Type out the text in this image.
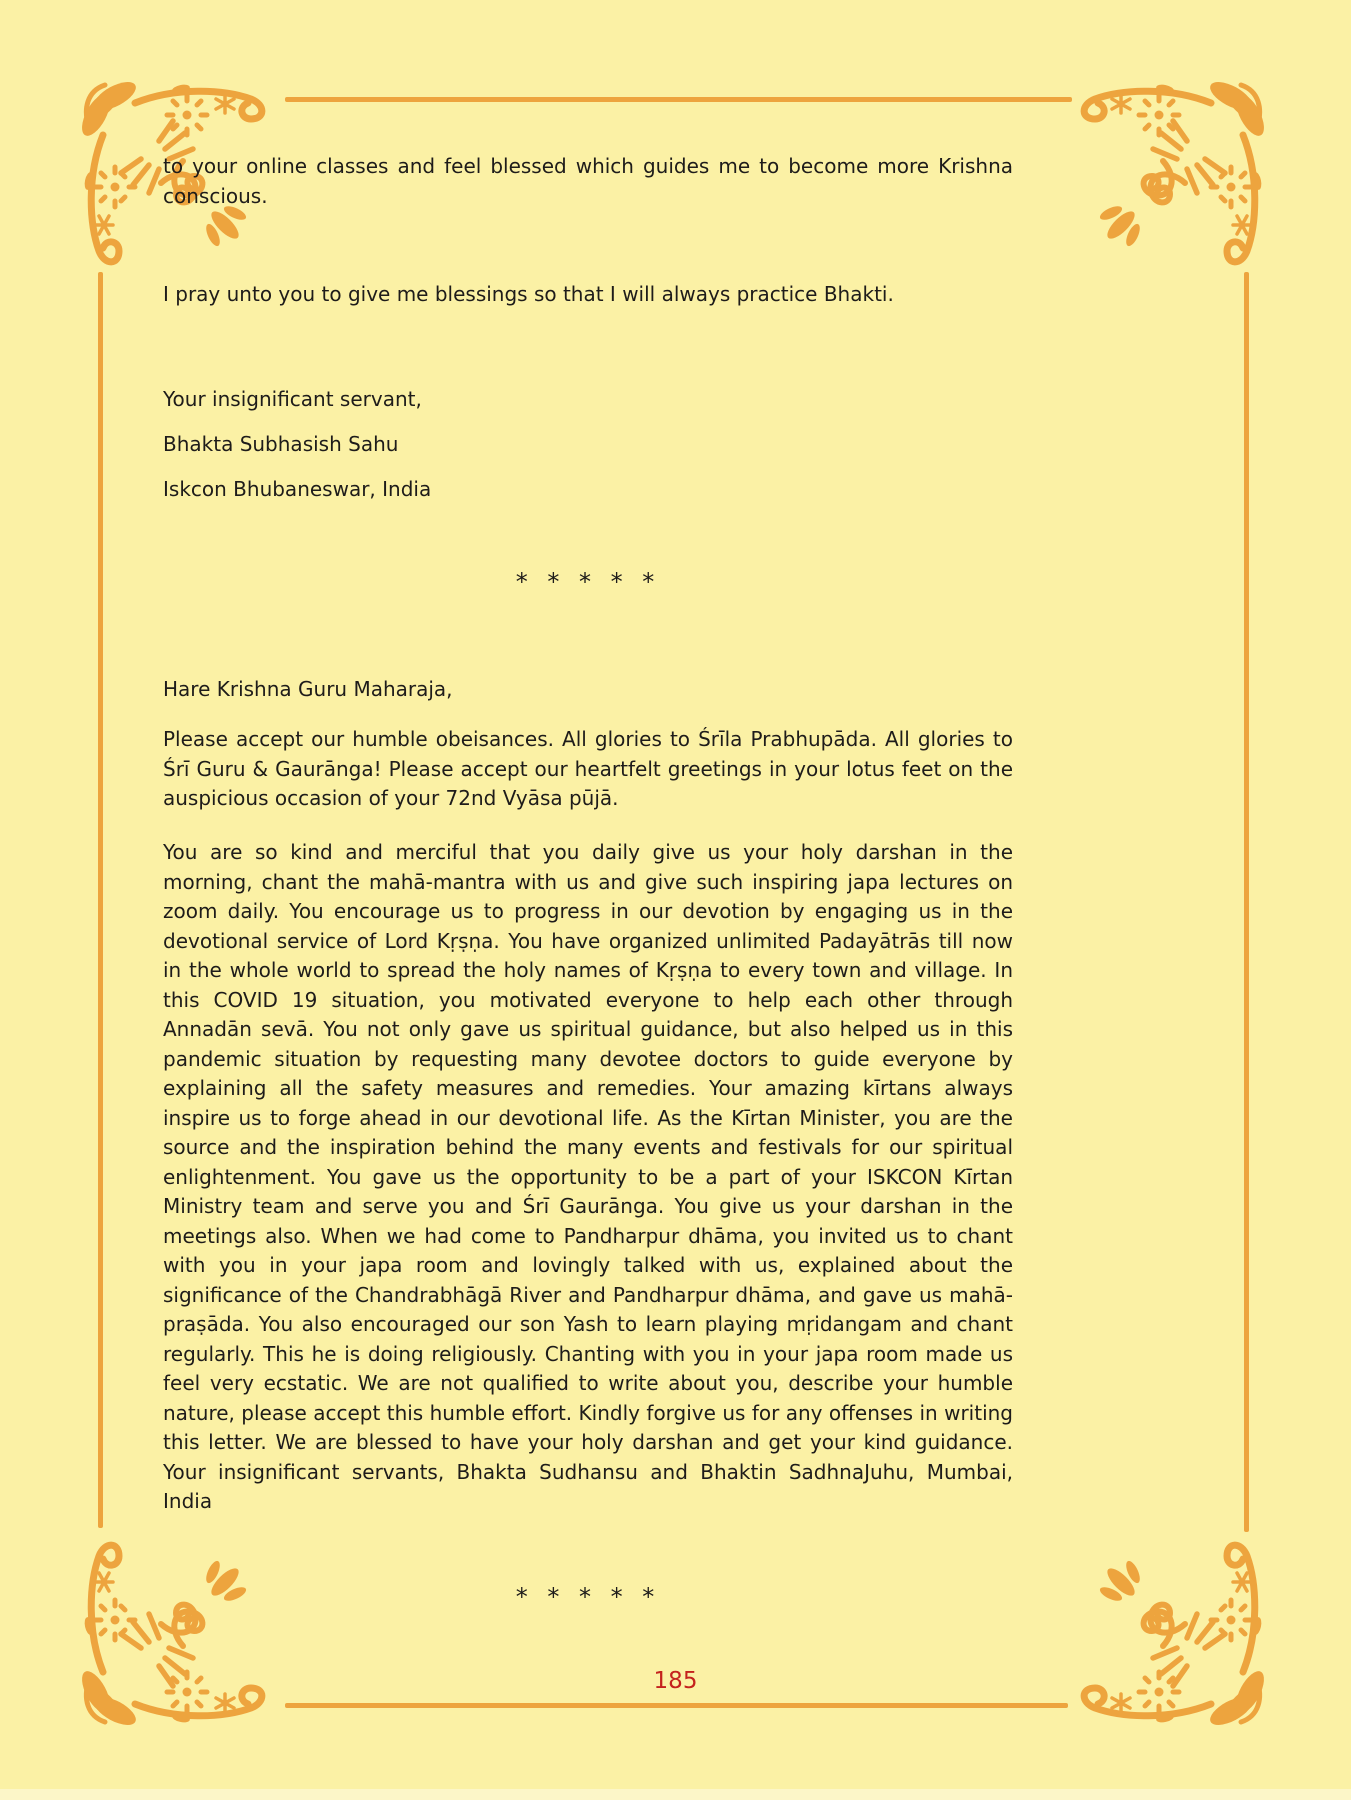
to your online classes and feel blessed which guides me to become more Krishna conscious.

I pray unto you to give me blessings so that I will always practice Bhakti.

Your insignificant servant,

Bhakta Subhasish Sahu

Iskcon Bhubaneswar, India

* * * * *

Hare Krishna Guru Maharaja,

Please accept our humble obeisances. All glories to Śrīla Prabhupāda. All glories to Śrī Guru & Gaurānga! Please accept our heartfelt greetings in your lotus feet on the auspicious occasion of your 72nd Vyāsa pūjā.

You are so kind and merciful that you daily give us your holy darshan in the morning, chant the mahā-mantra with us and give such inspiring japa lectures on zoom daily. You encourage us to progress in our devotion by engaging us in the devotional service of Lord Kṛṣṇa. You have organized unlimited Padayātrās till now in the whole world to spread the holy names of Kṛṣṇa to every town and village. In this COVID 19 situation, you motivated everyone to help each other through Annadān sevā. You not only gave us spiritual guidance, but also helped us in this pandemic situation by requesting many devotee doctors to guide everyone by explaining all the safety measures and remedies. Your amazing kīrtans always inspire us to forge ahead in our devotional life. As the Kīrtan Minister, you are the source and the inspiration behind the many events and festivals for our spiritual enlightenment. You gave us the opportunity to be a part of your ISKCON Kīrtan Ministry team and serve you and Śrī Gaurānga. You give us your darshan in the meetings also. When we had come to Pandharpur dhāma, you invited us to chant with you in your japa room and lovingly talked with us, explained about the significance of the Chandrabhāgā River and Pandharpur dhāma, and gave us mahā-praṣāda. You also encouraged our son Yash to learn playing mṛidangam and chant regularly. This he is doing religiously. Chanting with you in your japa room made us feel very ecstatic. We are not qualified to write about you, describe your humble nature, please accept this humble effort. Kindly forgive us for any offenses in writing this letter. We are blessed to have your holy darshan and get your kind guidance. Your insignificant servants, Bhakta Sudhansu and Bhaktin SadhnaJuhu, Mumbai, India

* * * * *
185
